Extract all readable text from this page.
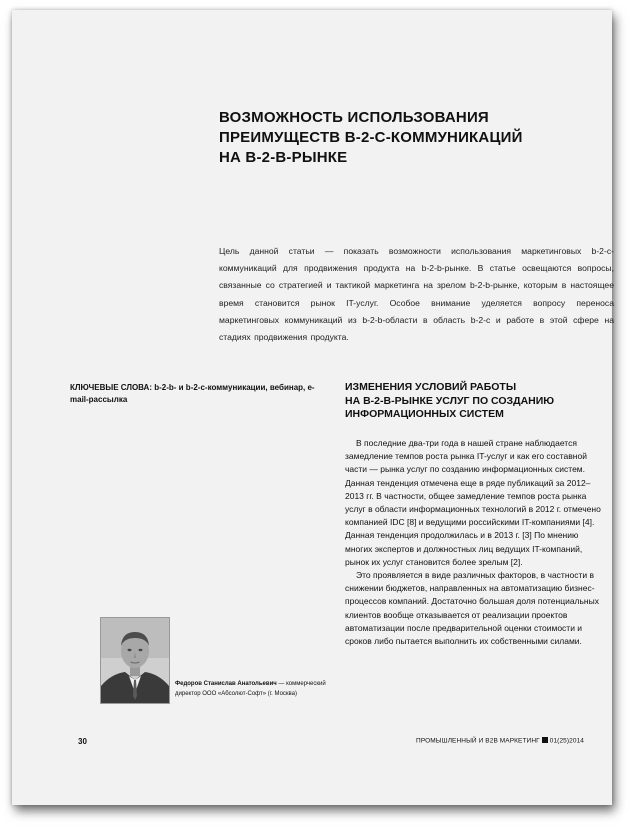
ВОЗМОЖНОСТЬ ИСПОЛЬЗОВАНИЯ
ПРЕИМУЩЕСТВ B-2-C-КОММУНИКАЦИЙ
НА B-2-B-РЫНКЕ

Цель данной статьи — показать возможности использования маркетинговых b-2-c-коммуникаций для продвижения продукта на b-2-b-рынке. В статье освещаются вопросы, связанные со стратегией и тактикой маркетинга на зрелом b-2-b-рынке, которым в настоящее время становится рынок IT-услуг. Особое внимание уделяется вопросу переноса маркетинговых коммуникаций из b-2-b-области в область b-2-c и работе в этой сфере на стадиях продвижения продукта.

КЛЮЧЕВЫЕ СЛОВА: b-2-b- и b-2-c-коммуникации, вебинар, e-mail-рассылка
ИЗМЕНЕНИЯ УСЛОВИЙ РАБОТЫ
НА B-2-B-РЫНКЕ УСЛУГ ПО СОЗДАНИЮ
ИНФОРМАЦИОННЫХ СИСТЕМ

В последние два-три года в нашей стране наблюдается замедление темпов роста рынка IT-услуг и как его составной части — рынка услуг по созданию информационных систем. Данная тенденция отмечена еще в ряде публикаций за 2012–2013 гг. В частности, общее замедление темпов роста рынка услуг в области информационных технологий в 2012 г. отмечено компанией IDC [8] и ведущими российскими IT-компаниями [4]. Данная тенденция продолжилась и в 2013 г. [3] По мнению многих экспертов и должностных лиц ведущих IT-компаний, рынок их услуг становится более зрелым [2].

Это проявляется в виде различных факторов, в частности в снижении бюджетов, направленных на автоматизацию бизнес-процессов компаний. Достаточно большая доля потенциальных клиентов вообще отказывается от реализации проектов автоматизации после предварительной оценки стоимости и сроков либо пытается выполнить их собственными силами.

Федоров Станислав Анатольевич — коммерческий директор ООО «Абсолют-Софт» (г. Москва)
30	ПРОМЫШЛЕННЫЙ И B2B МАРКЕТИНГ 01(25)2014
